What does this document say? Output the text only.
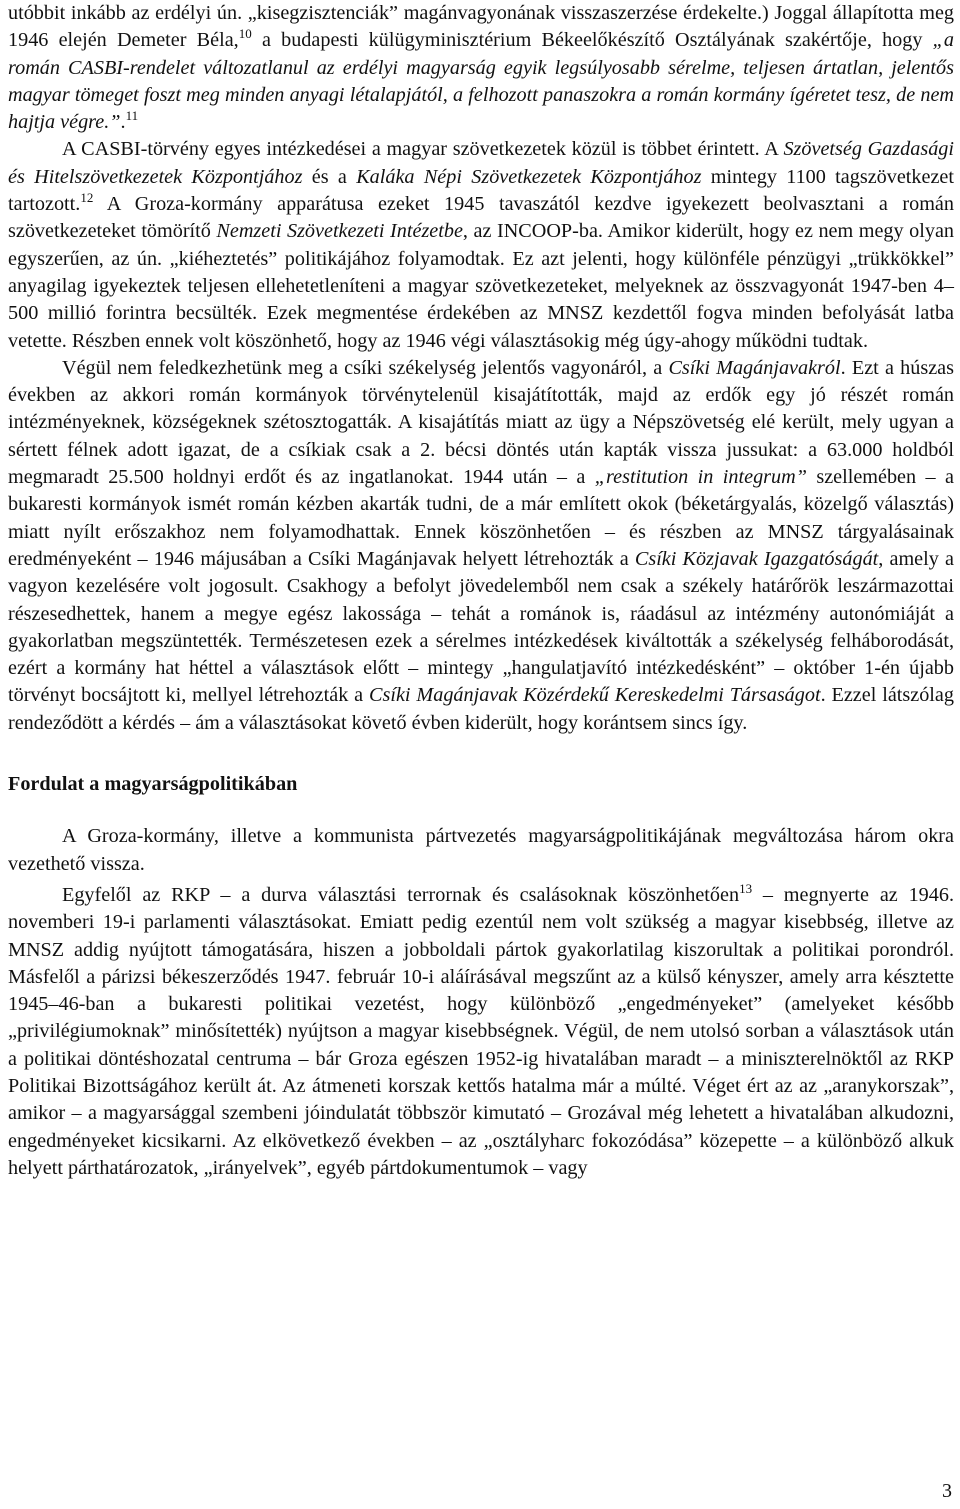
utóbbit inkább az erdélyi ún. „kisegzisztenciák” magánvagyonának visszaszerzése érdekelte.) Joggal állapította meg 1946 elején Demeter Béla,$^{10}$ a budapesti külügyminisztérium Békeelőkészítő Osztályának szakértője, hogy „a román CASBI-rendelet változatlanul az erdélyi magyarság egyik legsúlyosabb sérelme, teljesen ártatlan, jelentős magyar tömeget foszt meg minden anyagi létalapjától, a felhozott panaszokra a román kormány ígéretet tesz, de nem hajtja végre.”.$^{11}$

A CASBI-törvény egyes intézkedései a magyar szövetkezetek közül is többet érintett. A Szövetség Gazdasági és Hitelszövetkezetek Központjához és a Kaláka Népi Szövetkezetek Központjához mintegy 1100 tagszövetkezet tartozott.$^{12}$ A Groza-kormány apparátusa ezeket 1945 tavaszától kezdve igyekezett beolvasztani a román szövetkezeteket tömörítő Nemzeti Szövetkezeti Intézetbe, az INCOOP-ba. Amikor kiderült, hogy ez nem megy olyan egyszerűen, az ún. „kiéheztetés” politikájához folyamodtak. Ez azt jelenti, hogy különféle pénzügyi „trükkökkel” anyagilag igyekeztek teljesen ellehetetleníteni a magyar szövetkezeteket, melyeknek az összvagyonát 1947-ben 4–500 millió forintra becsülték. Ezek megmentése érdekében az MNSZ kezdettől fogva minden befolyását latba vetette. Részben ennek volt köszönhető, hogy az 1946 végi választásokig még úgy-ahogy működni tudtak.

Végül nem feledkezhetünk meg a csíki székelység jelentős vagyonáról, a Csíki Magánjavakról. Ezt a húszas években az akkori román kormányok törvénytelenül kisajátították, majd az erdők egy jó részét román intézményeknek, községeknek szétosztogatták. A kisajátítás miatt az ügy a Népszövetség elé került, mely ugyan a sértett félnek adott igazat, de a csíkiak csak a 2. bécsi döntés után kapták vissza jussukat: a 63.000 holdból megmaradt 25.500 holdnyi erdőt és az ingatlanokat. 1944 után – a „restitution in integrum” szellemében – a bukaresti kormányok ismét román kézben akarták tudni, de a már említett okok (béketárgyalás, közelgő választás) miatt nyílt erőszakhoz nem folyamodhattak. Ennek köszönhetően – és részben az MNSZ tárgyalásainak eredményeként – 1946 májusában a Csíki Magánjavak helyett létrehozták a Csíki Közjavak Igazgatóságát, amely a vagyon kezelésére volt jogosult. Csakhogy a befolyt jövedelemből nem csak a székely határőrök leszármazottai részesedhettek, hanem a megye egész lakossága – tehát a románok is, ráadásul az intézmény autonómiáját a gyakorlatban megszüntették. Természetesen ezek a sérelmes intézkedések kiváltották a székelység felháborodását, ezért a kormány hat héttel a választások előtt – mintegy „hangulatjavító intézkedésként” – október 1-én újabb törvényt bocsájtott ki, mellyel létrehozták a Csíki Magánjavak Közérdekű Kereskedelmi Társaságot. Ezzel látszólag rendeződött a kérdés – ám a választásokat követő évben kiderült, hogy korántsem sincs így.

Fordulat a magyarságpolitikában

A Groza-kormány, illetve a kommunista pártvezetés magyarságpolitikájának megváltozása három okra vezethető vissza.

Egyfelől az RKP – a durva választási terrornak és csalásoknak köszönhetően$^{13}$ – megnyerte az 1946. novemberi 19-i parlamenti választásokat. Emiatt pedig ezentúl nem volt szükség a magyar kisebbség, illetve az MNSZ addig nyújtott támogatására, hiszen a jobboldali pártok gyakorlatilag kiszorultak a politikai porondról. Másfelől a párizsi békeszerződés 1947. február 10-i aláírásával megszűnt az a külső kényszer, amely arra késztette 1945–46-ban a bukaresti politikai vezetést, hogy különböző „engedményeket” (amelyeket később „privilégiumoknak” minősítették) nyújtson a magyar kisebbségnek. Végül, de nem utolsó sorban a választások után a politikai döntéshozatal centruma – bár Groza egészen 1952-ig hivatalában maradt – a miniszterelnöktől az RKP Politikai Bizottságához került át. Az átmeneti korszak kettős hatalma már a múlté. Véget ért az az „aranykorszak”, amikor – a magyarsággal szembeni jóindulatát többször kimutató – Grozával még lehetett a hivatalában alkudozni, engedményeket kicsikarni. Az elkövetkező években – az „osztályharc fokozódása” közepette – a különböző alkuk helyett párthatározatok, „irányelvek”, egyéb pártdokumentumok – vagy

3
